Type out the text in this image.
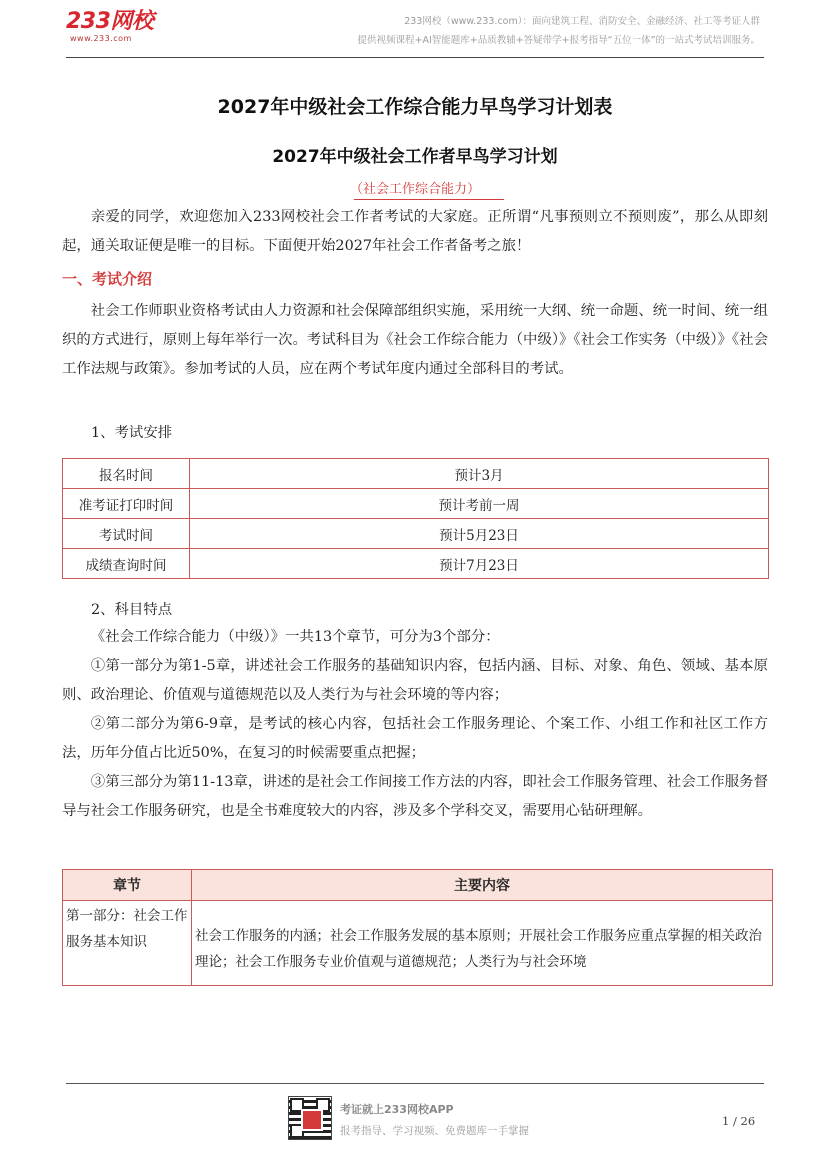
233网校
www.233.com
233网校（www.233.com）：面向建筑工程、消防安全、金融经济、社工等考证人群
提供视频课程+AI智能题库+品质教辅+答疑带学+报考指导“五位一体”的一站式考试培训服务。
2027年中级社会工作综合能力早鸟学习计划表
2027年中级社会工作者早鸟学习计划
（社会工作综合能力）

亲爱的同学，欢迎您加入233网校社会工作者考试的大家庭。正所谓“凡事预则立不预则废”，那么从即刻起，通关取证便是唯一的目标。下面便开始2027年社会工作者备考之旅！

一、考试介绍

社会工作师职业资格考试由人力资源和社会保障部组织实施，采用统一大纲、统一命题、统一时间、统一组织的方式进行，原则上每年举行一次。考试科目为《社会工作综合能力（中级）》《社会工作实务（中级）》《社会工作法规与政策》。参加考试的人员，应在两个考试年度内通过全部科目的考试。

1、考试安排
报名时间	预计3月
准考证打印时间	预计考前一周
考试时间	预计5月23日
成绩查询时间	预计7月23日
2、科目特点

《社会工作综合能力（中级）》一共13个章节，可分为3个部分：

①第一部分为第1-5章，讲述社会工作服务的基础知识内容，包括内涵、目标、对象、角色、领域、基本原则、政治理论、价值观与道德规范以及人类行为与社会环境的等内容；

②第二部分为第6-9章，是考试的核心内容，包括社会工作服务理论、个案工作、小组工作和社区工作方法，历年分值占比近50%，在复习的时候需要重点把握；

③第三部分为第11-13章，讲述的是社会工作间接工作方法的内容，即社会工作服务管理、社会工作服务督导与社会工作服务研究，也是全书难度较大的内容，涉及多个学科交叉，需要用心钻研理解。

章节	主要内容
第一部分：社会工作服务基本知识	社会工作服务的内涵；社会工作服务发展的基本原则；开展社会工作服务应重点掌握的相关政治理论；社会工作服务专业价值观与道德规范；人类行为与社会环境
考证就上233网校APP
报考指导、学习视频、免费题库一手掌握
1 / 26
